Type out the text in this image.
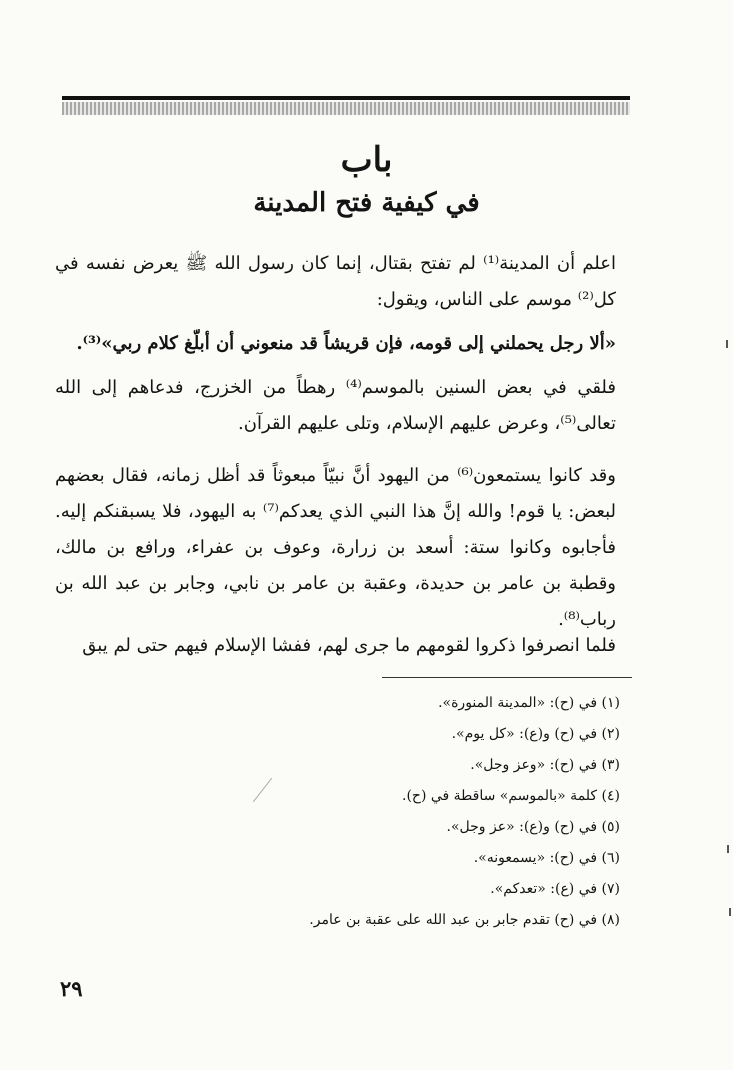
باب
في كيفية فتح المدينة
اعلم أن المدينة⁽¹⁾ لم تفتح بقتال، إنما كان رسول الله ﷺ يعرض نفسه في كل⁽²⁾ موسم على الناس، ويقول:
«ألا رجل يحملني إلى قومه، فإن قريشاً قد منعوني أن أبلّغ كلام ربي»⁽³⁾.
فلقي في بعض السنين بالموسم⁽⁴⁾ رهطاً من الخزرج، فدعاهم إلى الله تعالى⁽⁵⁾، وعرض عليهم الإسلام، وتلى عليهم القرآن.
وقد كانوا يستمعون⁽⁶⁾ من اليهود أنَّ نبيّاً مبعوثاً قد أظل زمانه، فقال بعضهم لبعض: يا قوم! والله إنَّ هذا النبي الذي يعدكم⁽⁷⁾ به اليهود، فلا يسبقنكم إليه. فأجابوه وكانوا ستة: أسعد بن زرارة، وعوف بن عفراء، ورافع بن مالك، وقطبة بن عامر بن حديدة، وعقبة بن عامر بن نابي، وجابر بن عبد الله بن رباب⁽⁸⁾.
فلما انصرفوا ذكروا لقومهم ما جرى لهم، ففشا الإسلام فيهم حتى لم يبق
(١) في (ح): «المدينة المنورة».
(٢) في (ح) و(ع): «كل يوم».
(٣) في (ح): «وعز وجل».
(٤) كلمة «بالموسم» ساقطة في (ح).
(٥) في (ح) و(ع): «عز وجل».
(٦) في (ح): «يسمعونه».
(٧) في (ع): «تعدكم».
(٨) في (ح) تقدم جابر بن عبد الله على عقبة بن عامر.
٢٩
